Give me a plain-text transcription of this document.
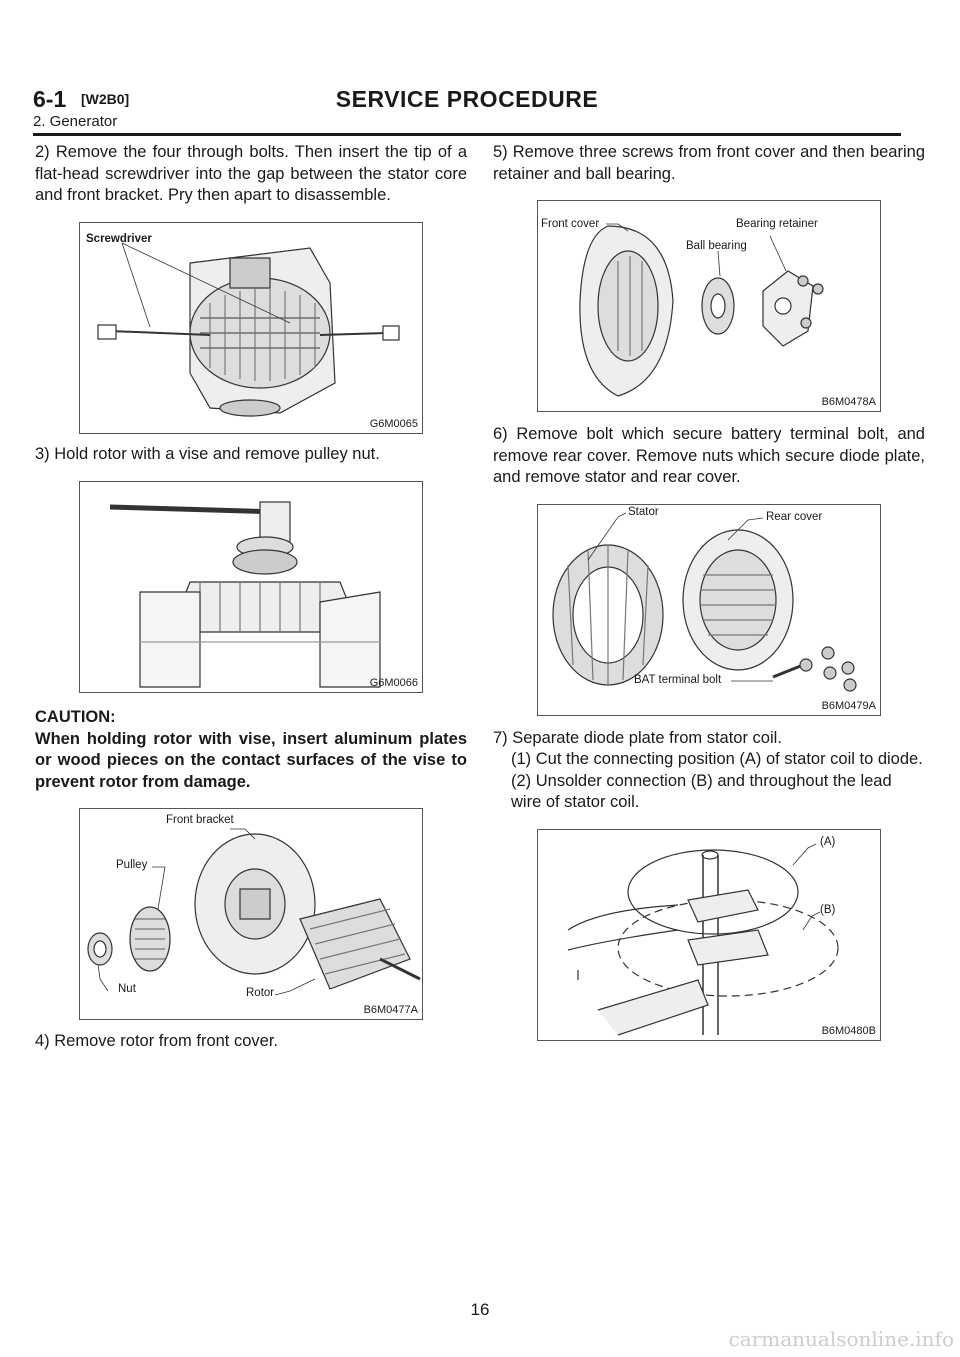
6-1 [W2B0]	SERVICE PROCEDURE
2. Generator

2) Remove the four through bolts. Then insert the tip of a flat-head screwdriver into the gap between the stator core and front bracket. Pry then apart to disassemble.

Screwdriver
G6M0065

3) Hold rotor with a vise and remove pulley nut.

G6M0066

CAUTION:

When holding rotor with vise, insert aluminum plates or wood pieces on the contact surfaces of the vise to prevent rotor from damage.

Front bracket
Pulley
Nut	Rotor
B6M0477A

4) Remove rotor from front cover.

5) Remove three screws from front cover and then bearing retainer and ball bearing.

Front cover	Bearing retainer
Ball bearing
B6M0478A

6) Remove bolt which secure battery terminal bolt, and remove rear cover. Remove nuts which secure diode plate, and remove stator and rear cover.

Stator	Rear cover
BAT terminal bolt
B6M0479A

7) Separate diode plate from stator coil.

(1) Cut the connecting position (A) of stator coil to diode.

(2) Unsolder connection (B) and throughout the lead wire of stator coil.

(A)
(B)
B6M0480B
16
carmanualsonline.info
